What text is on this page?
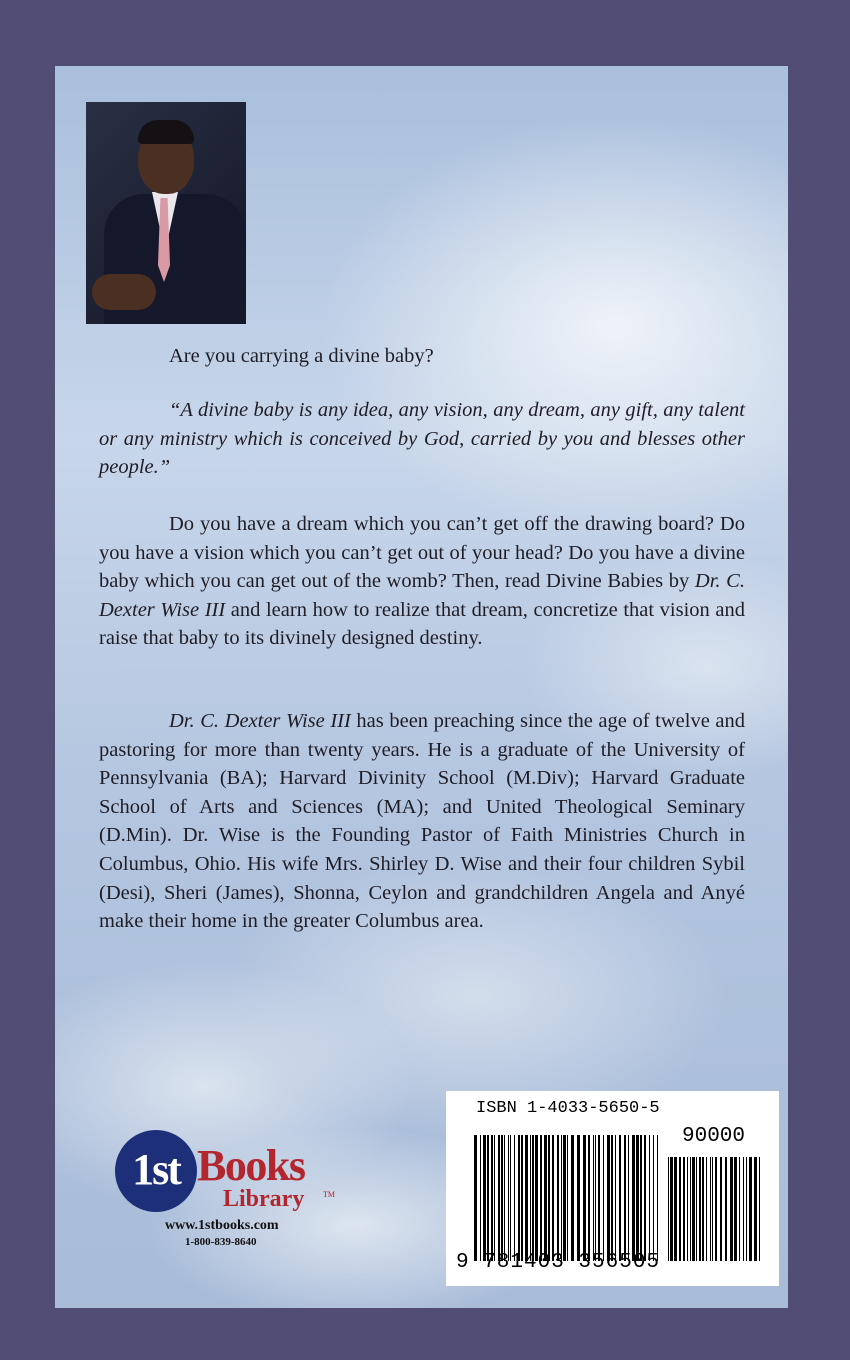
Are you carrying a divine baby?

“A divine baby is any idea, any vision, any dream, any gift, any talent or any ministry which is conceived by God, carried by you and blesses other people.”

Do you have a dream which you can’t get off the drawing board? Do you have a vision which you can’t get out of your head? Do you have a divine baby which you can get out of the womb? Then, read Divine Babies by Dr. C. Dexter Wise III and learn how to realize that dream, concretize that vision and raise that baby to its divinely designed destiny.

Dr. C. Dexter Wise III has been preaching since the age of twelve and pastoring for more than twenty years. He is a graduate of the University of Pennsylvania (BA); Harvard Divinity School (M.Div); Harvard Graduate School of Arts and Sciences (MA); and United Theological Seminary (D.Min). Dr. Wise is the Founding Pastor of Faith Ministries Church in Columbus, Ohio. His wife Mrs. Shirley D. Wise and their four children Sybil (Desi), Sheri (James), Shonna, Ceylon and grandchildren Angela and Anyé make their home in the greater Columbus area.

1st Books
Library TM
www.1stbooks.com
1-800-839-8640
ISBN 1-4033-5650-5
90000
9 781403 356505
